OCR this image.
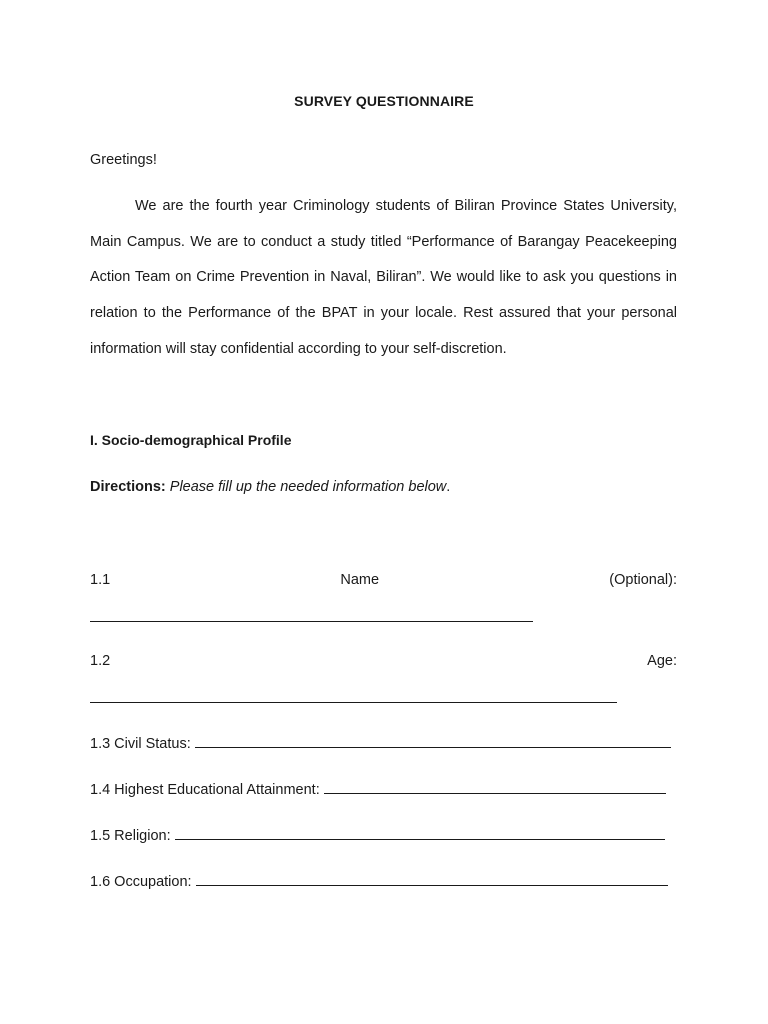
SURVEY QUESTIONNAIRE
Greetings!

We are the fourth year Criminology students of Biliran Province States University, Main Campus. We are to conduct a study titled “Performance of Barangay Peacekeeping Action Team on Crime Prevention in Naval, Biliran”. We would like to ask you questions in relation to the Performance of the BPAT in your locale. Rest assured that your personal information will stay confidential according to your self-discretion.

I. Socio-demographical Profile
Directions: Please fill up the needed information below.
1.1	Name	(Optional):
1.2	Age:
1.3 Civil Status:
1.4 Highest Educational Attainment:
1.5 Religion:
1.6 Occupation:
